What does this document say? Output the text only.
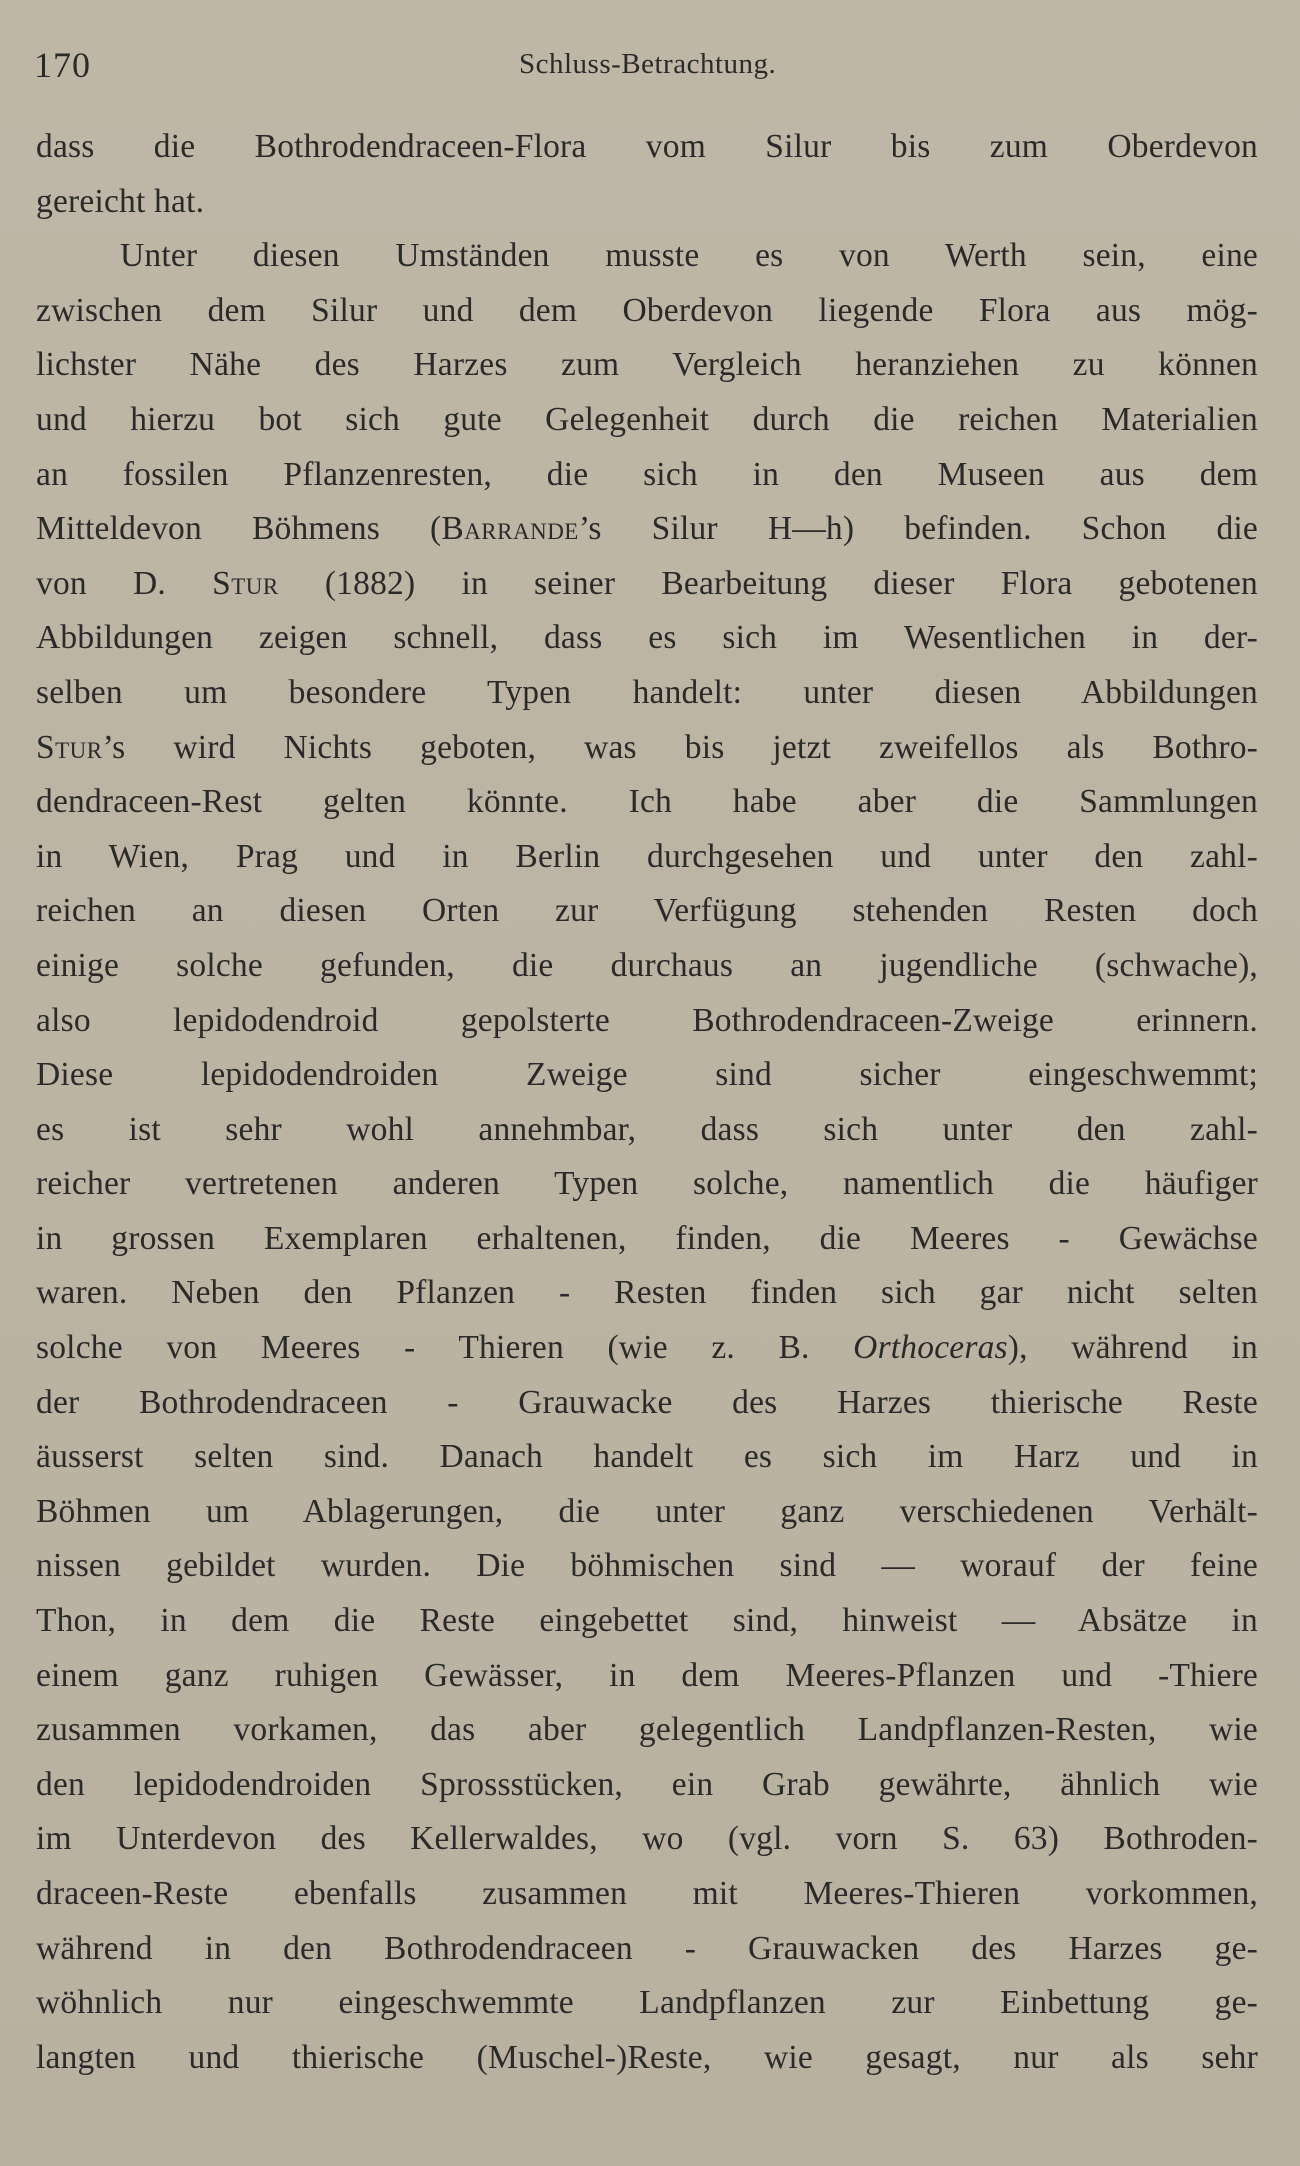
170	Schluss-Betrachtung.
dass die Bothrodendraceen-Flora vom Silur bis zum Oberdevon
gereicht hat.
Unter diesen Umständen musste es von Werth sein, eine
zwischen dem Silur und dem Oberdevon liegende Flora aus mög-
lichster Nähe des Harzes zum Vergleich heranziehen zu können
und hierzu bot sich gute Gelegenheit durch die reichen Materialien
an fossilen Pflanzenresten, die sich in den Museen aus dem
Mitteldevon Böhmens (Barrande’s Silur H—h) befinden. Schon die
von D. Stur (1882) in seiner Bearbeitung dieser Flora gebotenen
Abbildungen zeigen schnell, dass es sich im Wesentlichen in der-
selben um besondere Typen handelt: unter diesen Abbildungen
Stur’s wird Nichts geboten, was bis jetzt zweifellos als Bothro-
dendraceen-Rest gelten könnte. Ich habe aber die Sammlungen
in Wien, Prag und in Berlin durchgesehen und unter den zahl-
reichen an diesen Orten zur Verfügung stehenden Resten doch
einige solche gefunden, die durchaus an jugendliche (schwache),
also lepidodendroid gepolsterte Bothrodendraceen-Zweige erinnern.
Diese lepidodendroiden Zweige sind sicher eingeschwemmt;
es ist sehr wohl annehmbar, dass sich unter den zahl-
reicher vertretenen anderen Typen solche, namentlich die häufiger
in grossen Exemplaren erhaltenen, finden, die Meeres - Gewächse
waren. Neben den Pflanzen - Resten finden sich gar nicht selten
solche von Meeres - Thieren (wie z. B. Orthoceras), während in
der Bothrodendraceen - Grauwacke des Harzes thierische Reste
äusserst selten sind. Danach handelt es sich im Harz und in
Böhmen um Ablagerungen, die unter ganz verschiedenen Verhält-
nissen gebildet wurden. Die böhmischen sind — worauf der feine
Thon, in dem die Reste eingebettet sind, hinweist — Absätze in
einem ganz ruhigen Gewässer, in dem Meeres-Pflanzen und -Thiere
zusammen vorkamen, das aber gelegentlich Landpflanzen-Resten, wie
den lepidodendroiden Sprossstücken, ein Grab gewährte, ähnlich wie
im Unterdevon des Kellerwaldes, wo (vgl. vorn S. 63) Bothroden-
draceen-Reste ebenfalls zusammen mit Meeres-Thieren vorkommen,
während in den Bothrodendraceen - Grauwacken des Harzes ge-
wöhnlich nur eingeschwemmte Landpflanzen zur Einbettung ge-
langten und thierische (Muschel-)Reste, wie gesagt, nur als sehr
